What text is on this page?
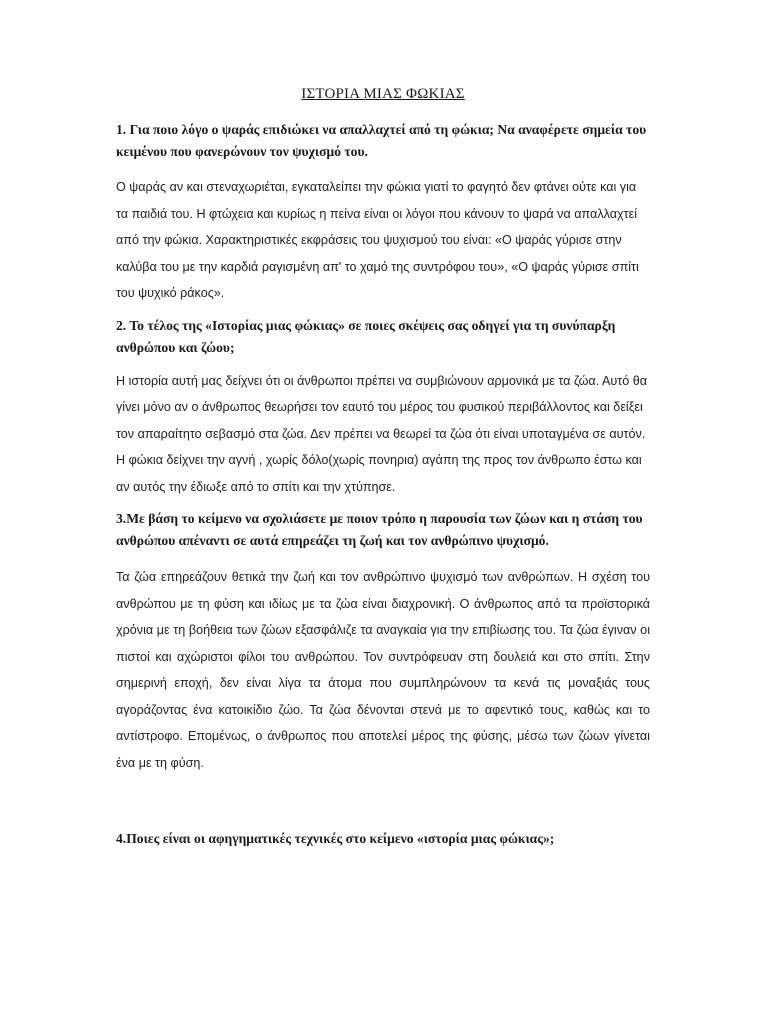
ΙΣΤΟΡΙΑ ΜΙΑΣ ΦΩΚΙΑΣ

1. Για ποιο λόγο ο ψαράς επιδιώκει να απαλλαχτεί από τη φώκια; Να αναφέρετε σημεία του κειμένου που φανερώνουν τον ψυχισμό του.

Ο ψαράς αν και στεναχωριέται, εγκαταλείπει την φώκια γιατί το φαγητό δεν φτάνει ούτε και για τα παιδιά του. Η φτώχεια και κυρίως η πείνα είναι οι λόγοι που κάνουν το ψαρά να απαλλαχτεί από την φώκια. Χαρακτηριστικές εκφράσεις του ψυχισμού του είναι: «Ο ψαράς γύρισε στην καλύβα του με την καρδιά ραγισμένη απ' το χαμό της συντρόφου του», «Ο ψαράς γύρισε σπίτι του ψυχικό ράκος».

2. Το τέλος της «Ιστορίας μιας φώκιας» σε ποιες σκέψεις σας οδηγεί για τη συνύπαρξη ανθρώπου και ζώου;

Η ιστορία αυτή μας δείχνει ότι οι άνθρωποι πρέπει να συμβιώνουν αρμονικά με τα ζώα. Αυτό θα γίνει μόνο αν ο άνθρωπος θεωρήσει τον εαυτό του μέρος του φυσικού περιβάλλοντος και δείξει τον απαραίτητο σεβασμό στα ζώα. Δεν πρέπει να θεωρεί τα ζώα ότι είναι υποταγμένα σε αυτόν. Η φώκια δείχνει την αγνή , χωρίς δόλο(χωρίς πονηρια) αγάπη της προς τον άνθρωπο έστω και αν αυτός την έδιωξε από το σπίτι και την χτύπησε.

3.Με βάση το κείμενο να σχολιάσετε με ποιον τρόπο η παρουσία των ζώων και η στάση του ανθρώπου απέναντι σε αυτά επηρεάζει τη ζωή και τον ανθρώπινο ψυχισμό.

Τα ζώα επηρεάζουν θετικά την ζωή και τον ανθρώπινο ψυχισμό των ανθρώπων. Η σχέση του ανθρώπου με τη φύση και ιδίως με τα ζώα είναι διαχρονική. Ο άνθρωπος από τα προϊστορικά χρόνια με τη βοήθεια των ζώων εξασφάλιζε τα αναγκαία για την επιβίωσης του. Τα ζώα έγιναν οι πιστοί και αχώριστοι φίλοι του ανθρώπου. Τον συντρόφευαν στη δουλειά και στο σπίτι. Στην σημερινή εποχή, δεν είναι λίγα τα άτομα που συμπληρώνουν τα κενά τις μοναξιάς τους αγοράζοντας ένα κατοικίδιο ζώο. Τα ζώα δένονται στενά με το αφεντικό τους, καθώς και το αντίστροφο. Επομένως, ο άνθρωπος που αποτελεί μέρος της φύσης, μέσω των ζώων γίνεται ένα με τη φύση.

4.Ποιες είναι οι αφηγηματικές τεχνικές στο κείμενο «ιστορία μιας φώκιας»;
